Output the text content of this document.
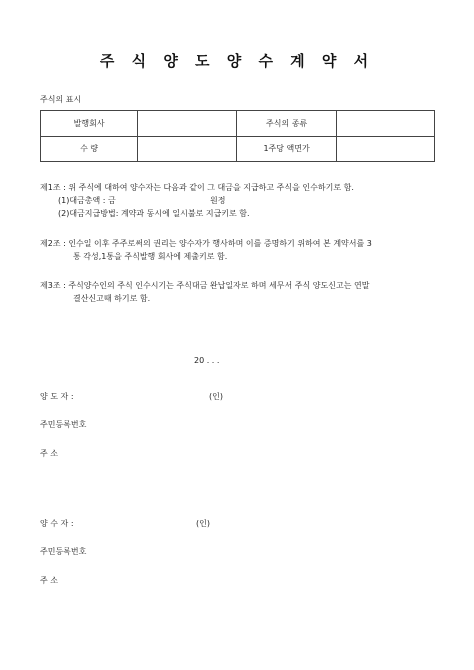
주 식 양 도 양 수 계 약 서
주식의 표시
발행회사		주식의 종류	
수 량		1주당 액면가	
제1조 : 위 주식에 대하여 양수자는 다음과 같이 그 대금을 지급하고 주식을 인수하기로 함.
(1)대금총액 : 금	원정
(2)대금지급방법: 계약과 동시에 일시불로 지급키로 함.
제2조 : 인수일 이후 주주로써의 권리는 양수자가 행사하며 이를 증명하기 위하여 본 계약서를 3
통 각성,1통을 주식발행 회사에 제출키로 함.
제3조 : 주식양수인의 주식 인수시기는 주식대금 완납일자로 하며 세무서 주식 양도신고는 연말
결산신고때 하기로 함.
20 . . .
양 도 자 :	(인)
주민등록번호
주 소
양 수 자 :	(인)
주민등록번호
주 소
